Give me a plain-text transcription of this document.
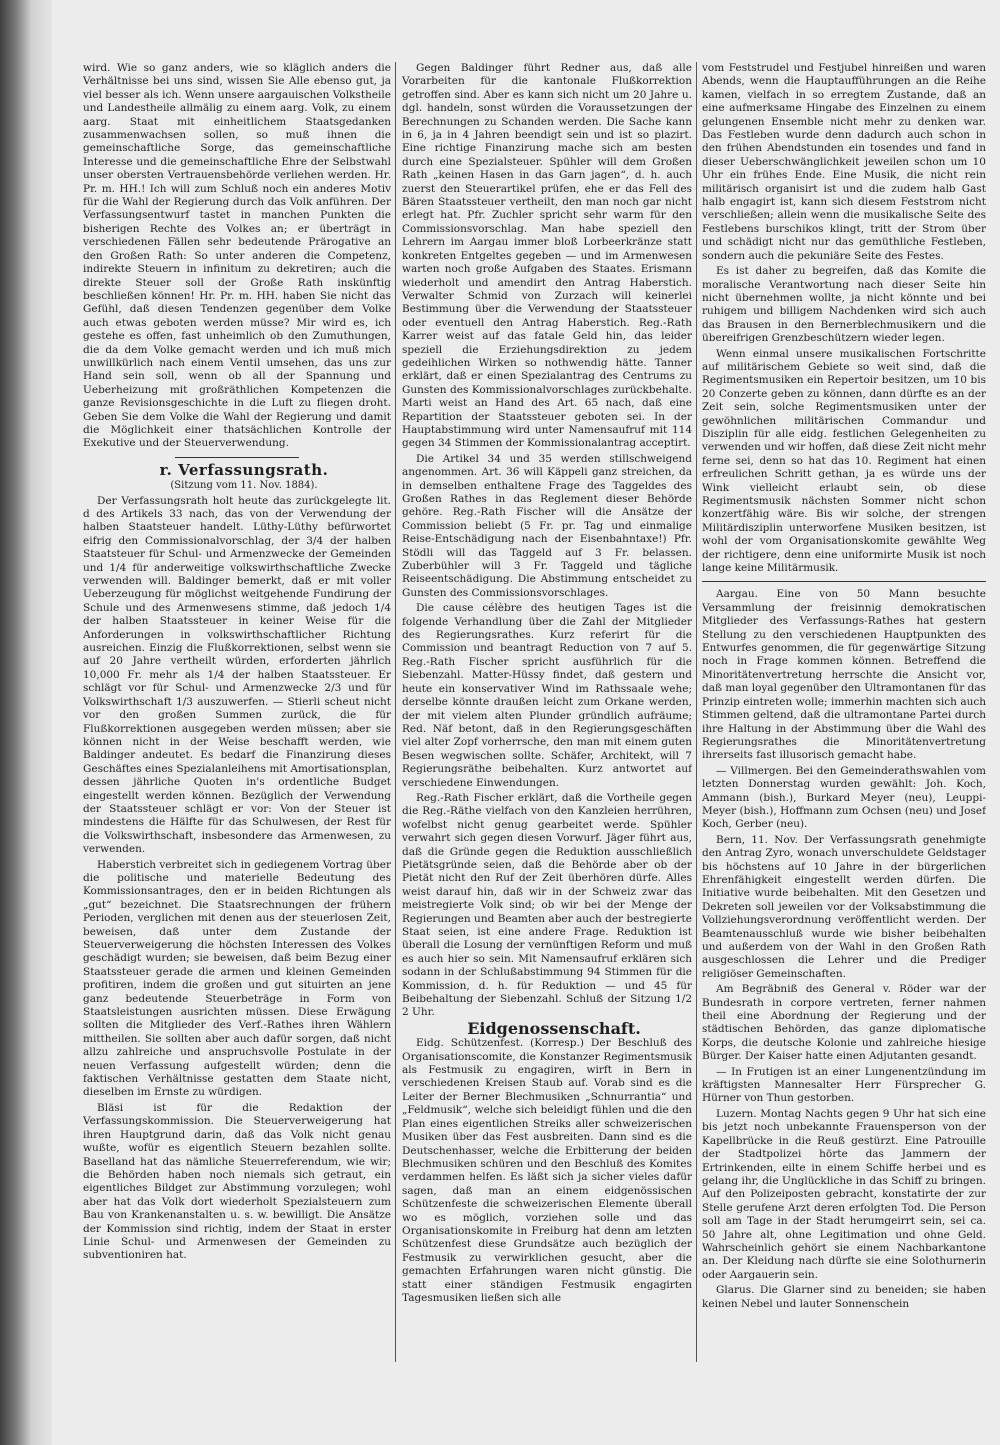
wird. Wie so ganz anders, wie so kläglich anders die Verhältnisse bei uns sind, wissen Sie Alle ebenso gut, ja viel besser als ich. Wenn unsere aargauischen Volkstheile und Landestheile allmälig zu einem aarg. Volk, zu einem aarg. Staat mit einheitlichem Staatsgedanken zusammenwachsen sollen, so muß ihnen die gemeinschaftliche Sorge, das gemeinschaftliche Interesse und die gemeinschaftliche Ehre der Selbstwahl unser obersten Vertrauensbehörde verliehen werden. Hr. Pr. m. HH.! Ich will zum Schluß noch ein anderes Motiv für die Wahl der Regierung durch das Volk anführen. Der Verfassungsentwurf tastet in manchen Punkten die bisherigen Rechte des Volkes an; er überträgt in verschiedenen Fällen sehr bedeutende Prärogative an den Großen Rath: So unter anderen die Competenz, indirekte Steuern in infinitum zu dekretiren; auch die direkte Steuer soll der Große Rath inskünftig beschließen können! Hr. Pr. m. HH. haben Sie nicht das Gefühl, daß diesen Tendenzen gegenüber dem Volke auch etwas geboten werden müsse? Mir wird es, ich gestehe es offen, fast unheimlich ob den Zumuthungen, die da dem Volke gemacht werden und ich muß mich unwillkürlich nach einem Ventil umsehen, das uns zur Hand sein soll, wenn ob all der Spannung und Ueberheizung mit großräthlichen Kompetenzen die ganze Revisionsgeschichte in die Luft zu fliegen droht. Geben Sie dem Volke die Wahl der Regierung und damit die Möglichkeit einer thatsächlichen Kontrolle der Exekutive und der Steuerverwendung.

r. Verfassungsrath.

(Sitzung vom 11. Nov. 1884).

Der Verfassungsrath holt heute das zurückgelegte lit. d des Artikels 33 nach, das von der Verwendung der halben Staatsteuer handelt. Lüthy-Lüthy befürwortet eifrig den Commissionalvorschlag, der 3/4 der halben Staatsteuer für Schul- und Armenzwecke der Gemeinden und 1/4 für anderweitige volkswirthschaftliche Zwecke verwenden will. Baldinger bemerkt, daß er mit voller Ueberzeugung für möglichst weitgehende Fundirung der Schule und des Armenwesens stimme, daß jedoch 1/4 der halben Staatssteuer in keiner Weise für die Anforderungen in volkswirthschaftlicher Richtung ausreichen. Einzig die Flußkorrektionen, selbst wenn sie auf 20 Jahre vertheilt würden, erforderten jährlich 10,000 Fr. mehr als 1/4 der halben Staatssteuer. Er schlägt vor für Schul- und Armenzwecke 2/3 und für Volkswirthschaft 1/3 auszuwerfen. — Stierli scheut nicht vor den großen Summen zurück, die für Flußkorrektionen ausgegeben werden müssen; aber sie können nicht in der Weise beschafft werden, wie Baldinger andeutet. Es bedarf die Finanzirung dieses Geschäftes eines Spezialanleihens mit Amortisationsplan, dessen jährliche Quoten in's ordentliche Budget eingestellt werden können. Bezüglich der Verwendung der Staatssteuer schlägt er vor: Von der Steuer ist mindestens die Hälfte für das Schulwesen, der Rest für die Volkswirthschaft, insbesondere das Armenwesen, zu verwenden.

Haberstich verbreitet sich in gediegenem Vortrag über die politische und materielle Bedeutung des Kommissionsantrages, den er in beiden Richtungen als „gut“ bezeichnet. Die Staatsrechnungen der frühern Perioden, verglichen mit denen aus der steuerlosen Zeit, beweisen, daß unter dem Zustande der Steuerverweigerung die höchsten Interessen des Volkes geschädigt wurden; sie beweisen, daß beim Bezug einer Staatssteuer gerade die armen und kleinen Gemeinden profitiren, indem die großen und gut situirten an jene ganz bedeutende Steuerbeträge in Form von Staatsleistungen ausrichten müssen. Diese Erwägung sollten die Mitglieder des Verf.-Rathes ihren Wählern mittheilen. Sie sollten aber auch dafür sorgen, daß nicht allzu zahlreiche und anspruchsvolle Postulate in der neuen Verfassung aufgestellt würden; denn die faktischen Verhältnisse gestatten dem Staate nicht, dieselben im Ernste zu würdigen.

Bläsi ist für die Redaktion der Verfassungskommission. Die Steuerverweigerung hat ihren Hauptgrund darin, daß das Volk nicht genau wußte, wofür es eigentlich Steuern bezahlen sollte. Baselland hat das nämliche Steuerreferendum, wie wir; die Behörden haben noch niemals sich getraut, ein eigentliches Bildget zur Abstimmung vorzulegen; wohl aber hat das Volk dort wiederholt Spezialsteuern zum Bau von Krankenanstalten u. s. w. bewilligt. Die Ansätze der Kommission sind richtig, indem der Staat in erster Linie Schul- und Armenwesen der Gemeinden zu subventioniren hat.

Gegen Baldinger führt Redner aus, daß alle Vorarbeiten für die kantonale Flußkorrektion getroffen sind. Aber es kann sich nicht um 20 Jahre u. dgl. handeln, sonst würden die Voraussetzungen der Berechnungen zu Schanden werden. Die Sache kann in 6, ja in 4 Jahren beendigt sein und ist so plazirt. Eine richtige Finanzirung mache sich am besten durch eine Spezialsteuer. Spühler will dem Großen Rath „keinen Hasen in das Garn jagen“, d. h. auch zuerst den Steuerartikel prüfen, ehe er das Fell des Bären Staatssteuer vertheilt, den man noch gar nicht erlegt hat. Pfr. Zuchler spricht sehr warm für den Commissionsvorschlag. Man habe speziell den Lehrern im Aargau immer bloß Lorbeerkränze statt konkreten Entgeltes gegeben — und im Armenwesen warten noch große Aufgaben des Staates. Erismann wiederholt und amendirt den Antrag Haberstich. Verwalter Schmid von Zurzach will keinerlei Bestimmung über die Verwendung der Staatssteuer oder eventuell den Antrag Haberstich. Reg.-Rath Karrer weist auf das fatale Geld hin, das leider speziell die Erziehungsdirektion zu jedem gedeihlichen Wirken so nothwendig hätte. Tanner erklärt, daß er einen Spezialantrag des Centrums zu Gunsten des Kommissionalvorschlages zurückbehalte. Marti weist an Hand des Art. 65 nach, daß eine Repartition der Staatssteuer geboten sei. In der Hauptabstimmung wird unter Namensaufruf mit 114 gegen 34 Stimmen der Kommissionalantrag acceptirt.

Die Artikel 34 und 35 werden stillschweigend angenommen. Art. 36 will Käppeli ganz streichen, da in demselben enthaltene Frage des Taggeldes des Großen Rathes in das Reglement dieser Behörde gehöre. Reg.-Rath Fischer will die Ansätze der Commission beliebt (5 Fr. pr. Tag und einmalige Reise-Entschädigung nach der Eisenbahntaxe!) Pfr. Stödli will das Taggeld auf 3 Fr. belassen. Zuberbühler will 3 Fr. Taggeld und tägliche Reiseentschädigung. Die Abstimmung entscheidet zu Gunsten des Commissionsvorschlages.

Die cause célèbre des heutigen Tages ist die folgende Verhandlung über die Zahl der Mitglieder des Regierungsrathes. Kurz referirt für die Commission und beantragt Reduction von 7 auf 5. Reg.-Rath Fischer spricht ausführlich für die Siebenzahl. Matter-Hüssy findet, daß gestern und heute ein konservativer Wind im Rathssaale wehe; derselbe könnte draußen leicht zum Orkane werden, der mit vielem alten Plunder gründlich aufräume; Red. Näf betont, daß in den Regierungsgeschäften viel alter Zopf vorherrsche, den man mit einem guten Besen wegwischen sollte. Schäfer, Architekt, will 7 Regierungsräthe beibehalten. Kurz antwortet auf verschiedene Einwendungen.

Reg.-Rath Fischer erklärt, daß die Vortheile gegen die Reg.-Räthe vielfach von den Kanzleien herrühren, wofelbst nicht genug gearbeitet werde. Spühler verwahrt sich gegen diesen Vorwurf. Jäger führt aus, daß die Gründe gegen die Reduktion ausschließlich Pietätsgründe seien, daß die Behörde aber ob der Pietät nicht den Ruf der Zeit überhören dürfe. Alles weist darauf hin, daß wir in der Schweiz zwar das meistregierte Volk sind; ob wir bei der Menge der Regierungen und Beamten aber auch der bestregierte Staat seien, ist eine andere Frage. Reduktion ist überall die Losung der vernünftigen Reform und muß es auch hier so sein. Mit Namensaufruf erklären sich sodann in der Schlußabstimmung 94 Stimmen für die Kommission, d. h. für Reduktion — und 45 für Beibehaltung der Siebenzahl. Schluß der Sitzung 1/2 2 Uhr.

Eidgenossenschaft.

Eidg. Schützenfest. (Korresp.) Der Beschluß des Organisationscomite, die Konstanzer Regimentsmusik als Festmusik zu engagiren, wirft in Bern in verschiedenen Kreisen Staub auf. Vorab sind es die Leiter der Berner Blechmusiken „Schnurrantia“ und „Feldmusik“, welche sich beleidigt fühlen und die den Plan eines eigentlichen Streiks aller schweizerischen Musiken über das Fest ausbreiten. Dann sind es die Deutschenhasser, welche die Erbitterung der beiden Blechmusiken schüren und den Beschluß des Komites verdammen helfen. Es läßt sich ja sicher vieles dafür sagen, daß man an einem eidgenössischen Schützenfeste die schweizerischen Elemente überall wo es möglich, vorziehen solle und das Organisationskomite in Freiburg hat denn am letzten Schützenfest diese Grundsätze auch bezüglich der Festmusik zu verwirklichen gesucht, aber die gemachten Erfahrungen waren nicht günstig. Die statt einer ständigen Festmusik engagirten Tagesmusiken ließen sich alle

vom Feststrudel und Festjubel hinreißen und waren Abends, wenn die Hauptaufführungen an die Reihe kamen, vielfach in so erregtem Zustande, daß an eine aufmerksame Hingabe des Einzelnen zu einem gelungenen Ensemble nicht mehr zu denken war. Das Festleben wurde denn dadurch auch schon in den frühen Abendstunden ein tosendes und fand in dieser Ueberschwänglichkeit jeweilen schon um 10 Uhr ein frühes Ende. Eine Musik, die nicht rein militärisch organisirt ist und die zudem halb Gast halb engagirt ist, kann sich diesem Feststrom nicht verschließen; allein wenn die musikalische Seite des Festlebens burschikos klingt, tritt der Strom über und schädigt nicht nur das gemüthliche Festleben, sondern auch die pekuniäre Seite des Festes.

Es ist daher zu begreifen, daß das Komite die moralische Verantwortung nach dieser Seite hin nicht übernehmen wollte, ja nicht könnte und bei ruhigem und billigem Nachdenken wird sich auch das Brausen in den Bernerblechmusikern und die übereifrigen Grenzbeschützern wieder legen.

Wenn einmal unsere musikalischen Fortschritte auf militärischem Gebiete so weit sind, daß die Regimentsmusiken ein Repertoir besitzen, um 10 bis 20 Conzerte geben zu können, dann dürfte es an der Zeit sein, solche Regimentsmusiken unter der gewöhnlichen militärischen Commandur und Disziplin für alle eidg. festlichen Gelegenheiten zu verwenden und wir hoffen, daß diese Zeit nicht mehr ferne sei, denn so hat das 10. Regiment hat einen erfreulichen Schritt gethan, ja es würde uns der Wink vielleicht erlaubt sein, ob diese Regimentsmusik nächsten Sommer nicht schon konzertfähig wäre. Bis wir solche, der strengen Militärdisziplin unterworfene Musiken besitzen, ist wohl der vom Organisationskomite gewählte Weg der richtigere, denn eine uniformirte Musik ist noch lange keine Militärmusik.

Aargau. Eine von 50 Mann besuchte Versammlung der freisinnig demokratischen Mitglieder des Verfassungs-Rathes hat gestern Stellung zu den verschiedenen Hauptpunkten des Entwurfes genommen, die für gegenwärtige Sitzung noch in Frage kommen können. Betreffend die Minoritätenvertretung herrschte die Ansicht vor, daß man loyal gegenüber den Ultramontanen für das Prinzip eintreten wolle; immerhin machten sich auch Stimmen geltend, daß die ultramontane Partei durch ihre Haltung in der Abstimmung über die Wahl des Regierungsrathes die Minoritätenvertretung ihrerseits fast illusorisch gemacht habe.

— Villmergen. Bei den Gemeinderathswahlen vom letzten Donnerstag wurden gewählt: Joh. Koch, Ammann (bish.), Burkard Meyer (neu), Leuppi-Meyer (bish.), Hoffmann zum Ochsen (neu) und Josef Koch, Gerber (neu).

Bern, 11. Nov. Der Verfassungsrath genehmigte den Antrag Zyro, wonach unverschuldete Geldstager bis höchstens auf 10 Jahre in der bürgerlichen Ehrenfähigkeit eingestellt werden dürfen. Die Initiative wurde beibehalten. Mit den Gesetzen und Dekreten soll jeweilen vor der Volksabstimmung die Vollziehungsverordnung veröffentlicht werden. Der Beamtenausschluß wurde wie bisher beibehalten und außerdem von der Wahl in den Großen Rath ausgeschlossen die Lehrer und die Prediger religiöser Gemeinschaften.

Am Begräbniß des General v. Röder war der Bundesrath in corpore vertreten, ferner nahmen theil eine Abordnung der Regierung und der städtischen Behörden, das ganze diplomatische Korps, die deutsche Kolonie und zahlreiche hiesige Bürger. Der Kaiser hatte einen Adjutanten gesandt.

— In Frutigen ist an einer Lungenentzündung im kräftigsten Mannesalter Herr Fürsprecher G. Hürner von Thun gestorben.

Luzern. Montag Nachts gegen 9 Uhr hat sich eine bis jetzt noch unbekannte Frauensperson von der Kapellbrücke in die Reuß gestürzt. Eine Patrouille der Stadtpolizei hörte das Jammern der Ertrinkenden, eilte in einem Schiffe herbei und es gelang ihr, die Unglückliche in das Schiff zu bringen. Auf den Polizeiposten gebracht, konstatirte der zur Stelle gerufene Arzt deren erfolgten Tod. Die Person soll am Tage in der Stadt herumgeirrt sein, sei ca. 50 Jahre alt, ohne Legitimation und ohne Geld. Wahrscheinlich gehört sie einem Nachbarkantone an. Der Kleidung nach dürfte sie eine Solothurnerin oder Aargauerin sein.

Glarus. Die Glarner sind zu beneiden; sie haben keinen Nebel und lauter Sonnenschein
